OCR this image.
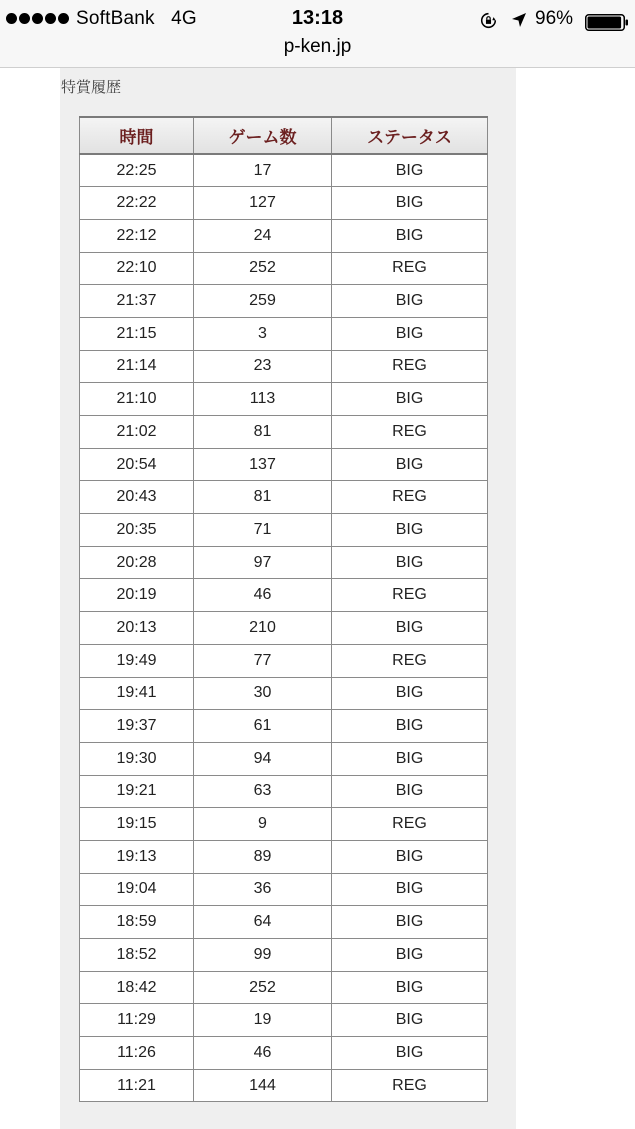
SoftBank 4G	13:18	96%
p-ken.jp
特賞履歴
時間	ゲーム数	ステータス
22:25	17	BIG
22:22	127	BIG
22:12	24	BIG
22:10	252	REG
21:37	259	BIG
21:15	3	BIG
21:14	23	REG
21:10	113	BIG
21:02	81	REG
20:54	137	BIG
20:43	81	REG
20:35	71	BIG
20:28	97	BIG
20:19	46	REG
20:13	210	BIG
19:49	77	REG
19:41	30	BIG
19:37	61	BIG
19:30	94	BIG
19:21	63	BIG
19:15	9	REG
19:13	89	BIG
19:04	36	BIG
18:59	64	BIG
18:52	99	BIG
18:42	252	BIG
11:29	19	BIG
11:26	46	BIG
11:21	144	REG
